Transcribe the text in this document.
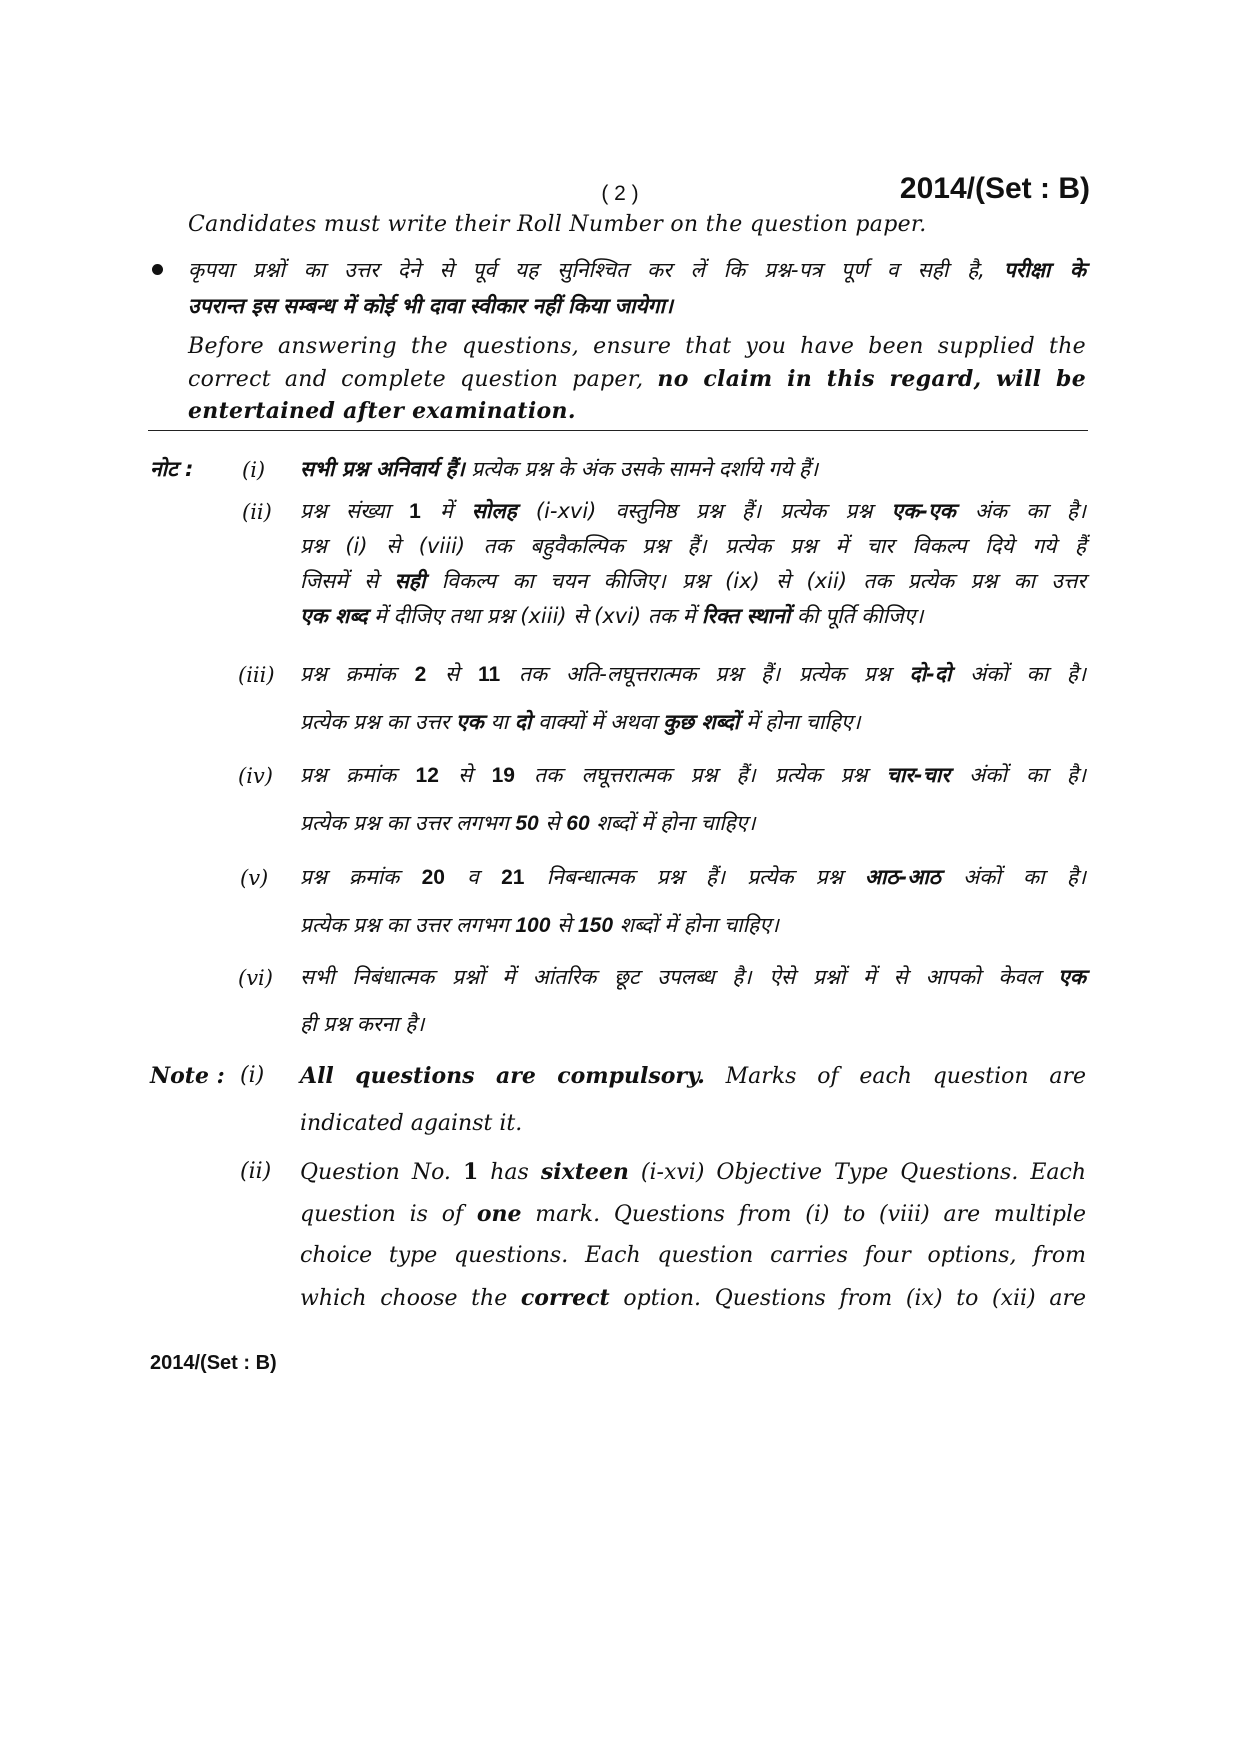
( 2 )	2014/(Set : B)
Candidates must write their Roll Number on the question paper.
कृपया प्रश्नों का उत्तर देने से पूर्व यह सुनिश्चित कर लें कि प्रश्न-पत्र पूर्ण व सही है, परीक्षा के
उपरान्त इस सम्बन्ध में कोई भी दावा स्वीकार नहीं किया जायेगा।
Before answering the questions, ensure that you have been supplied the
correct and complete question paper, no claim in this regard, will be
entertained after examination.
नोट : (i) सभी प्रश्न अनिवार्य हैं। प्रत्येक प्रश्न के अंक उसके सामने दर्शाये गये हैं।
(ii) प्रश्न संख्या 1 में सोलह (i-xvi) वस्तुनिष्ठ प्रश्न हैं। प्रत्येक प्रश्न एक-एक अंक का है।
प्रश्न (i) से (viii) तक बहुवैकल्पिक प्रश्न हैं। प्रत्येक प्रश्न में चार विकल्प दिये गये हैं
जिसमें से सही विकल्प का चयन कीजिए। प्रश्न (ix) से (xii) तक प्रत्येक प्रश्न का उत्तर
एक शब्द में दीजिए तथा प्रश्न (xiii) से (xvi) तक में रिक्त स्थानों की पूर्ति कीजिए।
(iii) प्रश्न क्रमांक 2 से 11 तक अति-लघूत्तरात्मक प्रश्न हैं। प्रत्येक प्रश्न दो-दो अंकों का है।
प्रत्येक प्रश्न का उत्तर एक या दो वाक्यों में अथवा कुछ शब्दों में होना चाहिए।
(iv) प्रश्न क्रमांक 12 से 19 तक लघूत्तरात्मक प्रश्न हैं। प्रत्येक प्रश्न चार-चार अंकों का है।
प्रत्येक प्रश्न का उत्तर लगभग 50 से 60 शब्दों में होना चाहिए।
(v) प्रश्न क्रमांक 20 व 21 निबन्धात्मक प्रश्न हैं। प्रत्येक प्रश्न आठ-आठ अंकों का है।
प्रत्येक प्रश्न का उत्तर लगभग 100 से 150 शब्दों में होना चाहिए।
(vi) सभी निबंधात्मक प्रश्नों में आंतरिक छूट उपलब्ध है। ऐसे प्रश्नों में से आपको केवल एक
ही प्रश्न करना है।
Note : (i) All questions are compulsory. Marks of each question are
indicated against it.
(ii) Question No. 1 has sixteen (i-xvi) Objective Type Questions. Each
question is of one mark. Questions from (i) to (viii) are multiple
choice type questions. Each question carries four options, from
which choose the correct option. Questions from (ix) to (xii) are
2014/(Set : B)
